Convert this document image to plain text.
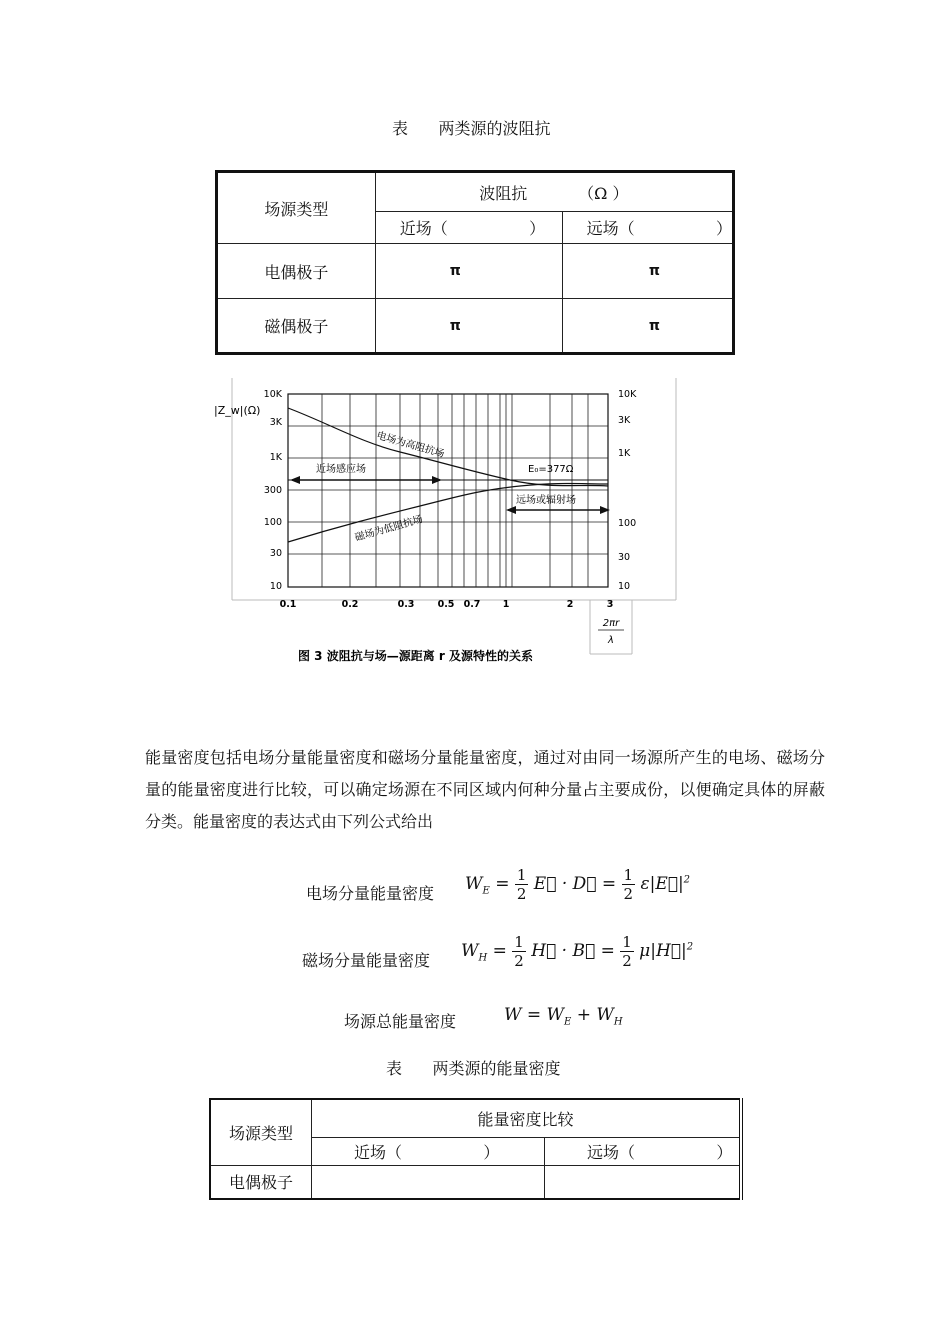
表      两类源的波阻抗
场源类型	波阻抗          （Ω ）	
	近场（                ）	远场（                ）
电偶极子	π	π
磁偶极子	π	π
|Z_w|(Ω)
10K
3K
1K
300
100
30
10
10K
3K
1K
100
30
10
0.1	0.2	0.3 0.5 0.7 1	2	3
2πr
λ
电场为高阻抗场
磁场为低阻抗场
近场感应场
远场或辐射场
E₀=377Ω
图 3 波阻抗与场—源距离 r 及源特性的关系
能量密度包括电场分量能量密度和磁场分量能量密度，通过对由同一场源所产生的电场、磁场分量的能量密度进行比较，可以确定场源在不同区域内何种分量占主要成份，以便确定具体的屏蔽分类。能量密度的表达式由下列公式给出
电场分量能量密度 $W_E = \frac{1}{2}$ E⃗ · D⃗ = $\frac{1}{2}$ $\varepsilon|E⃗|^2$
磁场分量能量密度 $W_H = \frac{1}{2}$ H⃗ · B⃗ = $\frac{1}{2}$ $\mu|H⃗|^2$
场源总能量密度	$W = W_E + W_H$
表      两类源的能量密度
场源类型	能量密度比较	
	近场（                ）	远场（                ）
电偶极子		
